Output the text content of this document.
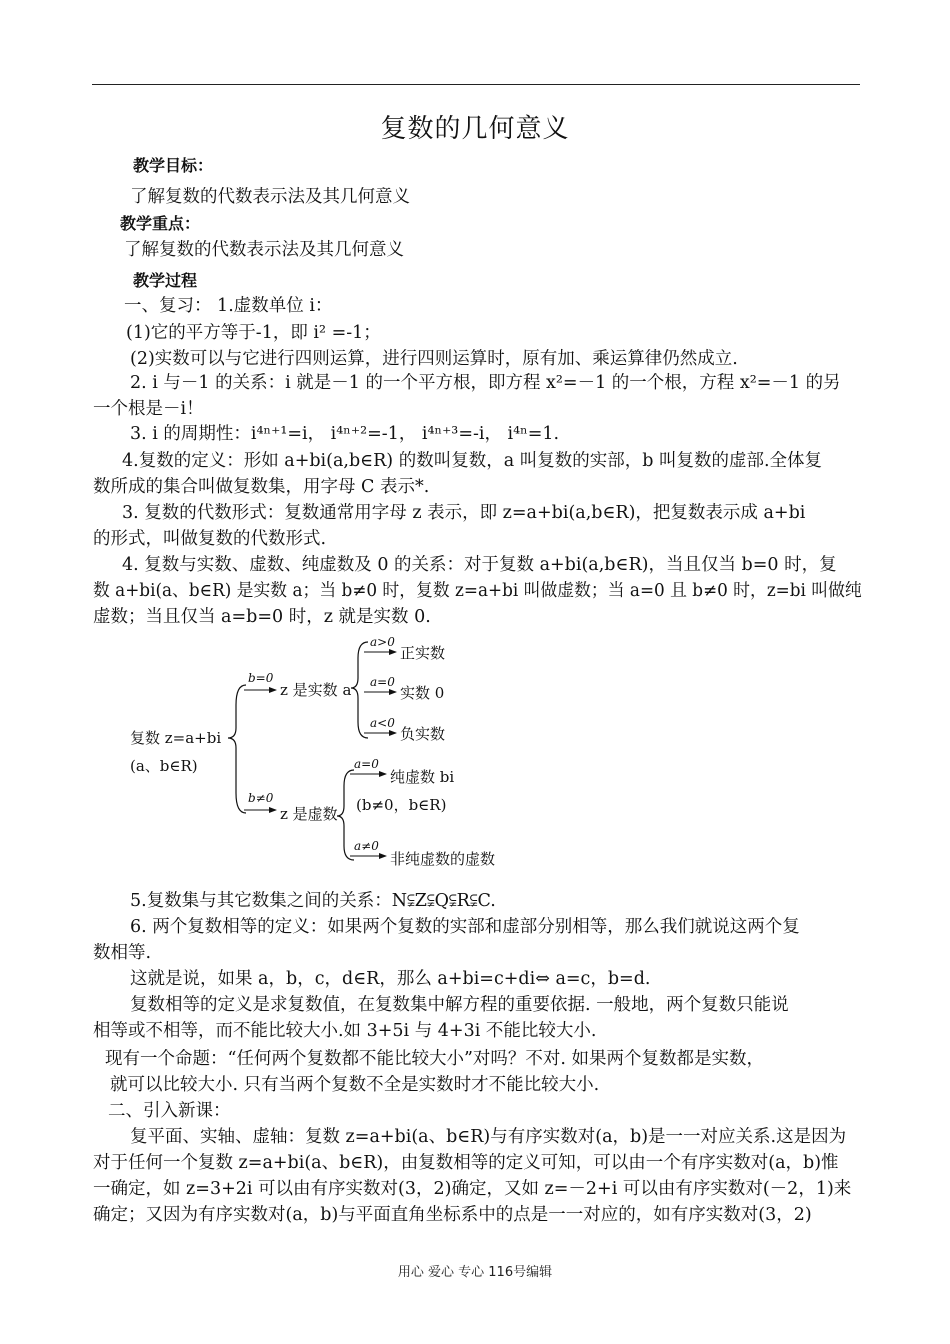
复数的几何意义
教学目标：
了解复数的代数表示法及其几何意义
教学重点：
了解复数的代数表示法及其几何意义
教学过程
一、复习： 1.虚数单位 i：
(1)它的平方等于-1，即 i² =-1；
(2)实数可以与它进行四则运算，进行四则运算时，原有加、乘运算律仍然成立.
2. i 与－1 的关系：i 就是－1 的一个平方根，即方程 x²=－1 的一个根，方程 x²=－1 的另
一个根是－i！
3. i 的周期性：i⁴ⁿ⁺¹=i， i⁴ⁿ⁺²=-1， i⁴ⁿ⁺³=-i， i⁴ⁿ=1.
4.复数的定义：形如 a+bi(a,b∈R) 的数叫复数，a 叫复数的实部，b 叫复数的虚部.全体复
数所成的集合叫做复数集，用字母 C 表示*.
3. 复数的代数形式：复数通常用字母 z 表示，即 z=a+bi(a,b∈R)，把复数表示成 a+bi
的形式，叫做复数的代数形式.
4. 复数与实数、虚数、纯虚数及 0 的关系：对于复数 a+bi(a,b∈R)，当且仅当 b=0 时，复
数 a+bi(a、b∈R) 是实数 a；当 b≠0 时，复数 z=a+bi 叫做虚数；当 a=0 且 b≠0 时，z=bi 叫做纯
虚数；当且仅当 a=b=0 时，z 就是实数 0.
复数 z=a+bi
(a、b∈R)
b=0
z 是实数 a
a>0
正实数
a=0
实数 0
a<0
负实数
b≠0
z 是虚数
a=0
纯虚数 bi
(b≠0，b∈R)
a≠0
非纯虚数的虚数
5.复数集与其它数集之间的关系：N⫋Z⫋Q⫋R⫋C.
6. 两个复数相等的定义：如果两个复数的实部和虚部分别相等，那么我们就说这两个复
数相等.
这就是说，如果 a，b，c，d∈R，那么 a+bi=c+di⇔ a=c，b=d.
复数相等的定义是求复数值，在复数集中解方程的重要依据. 一般地，两个复数只能说
相等或不相等，而不能比较大小.如 3+5i 与 4+3i 不能比较大小.
现有一个命题：“任何两个复数都不能比较大小”对吗？不对. 如果两个复数都是实数，
就可以比较大小. 只有当两个复数不全是实数时才不能比较大小.
二、引入新课：
复平面、实轴、虚轴：复数 z=a+bi(a、b∈R)与有序实数对(a，b)是一一对应关系.这是因为
对于任何一个复数 z=a+bi(a、b∈R)，由复数相等的定义可知，可以由一个有序实数对(a，b)惟
一确定，如 z=3+2i 可以由有序实数对(3，2)确定，又如 z=－2+i 可以由有序实数对(－2，1)来
确定；又因为有序实数对(a，b)与平面直角坐标系中的点是一一对应的，如有序实数对(3，2)
用心 爱心 专心 116号编辑
